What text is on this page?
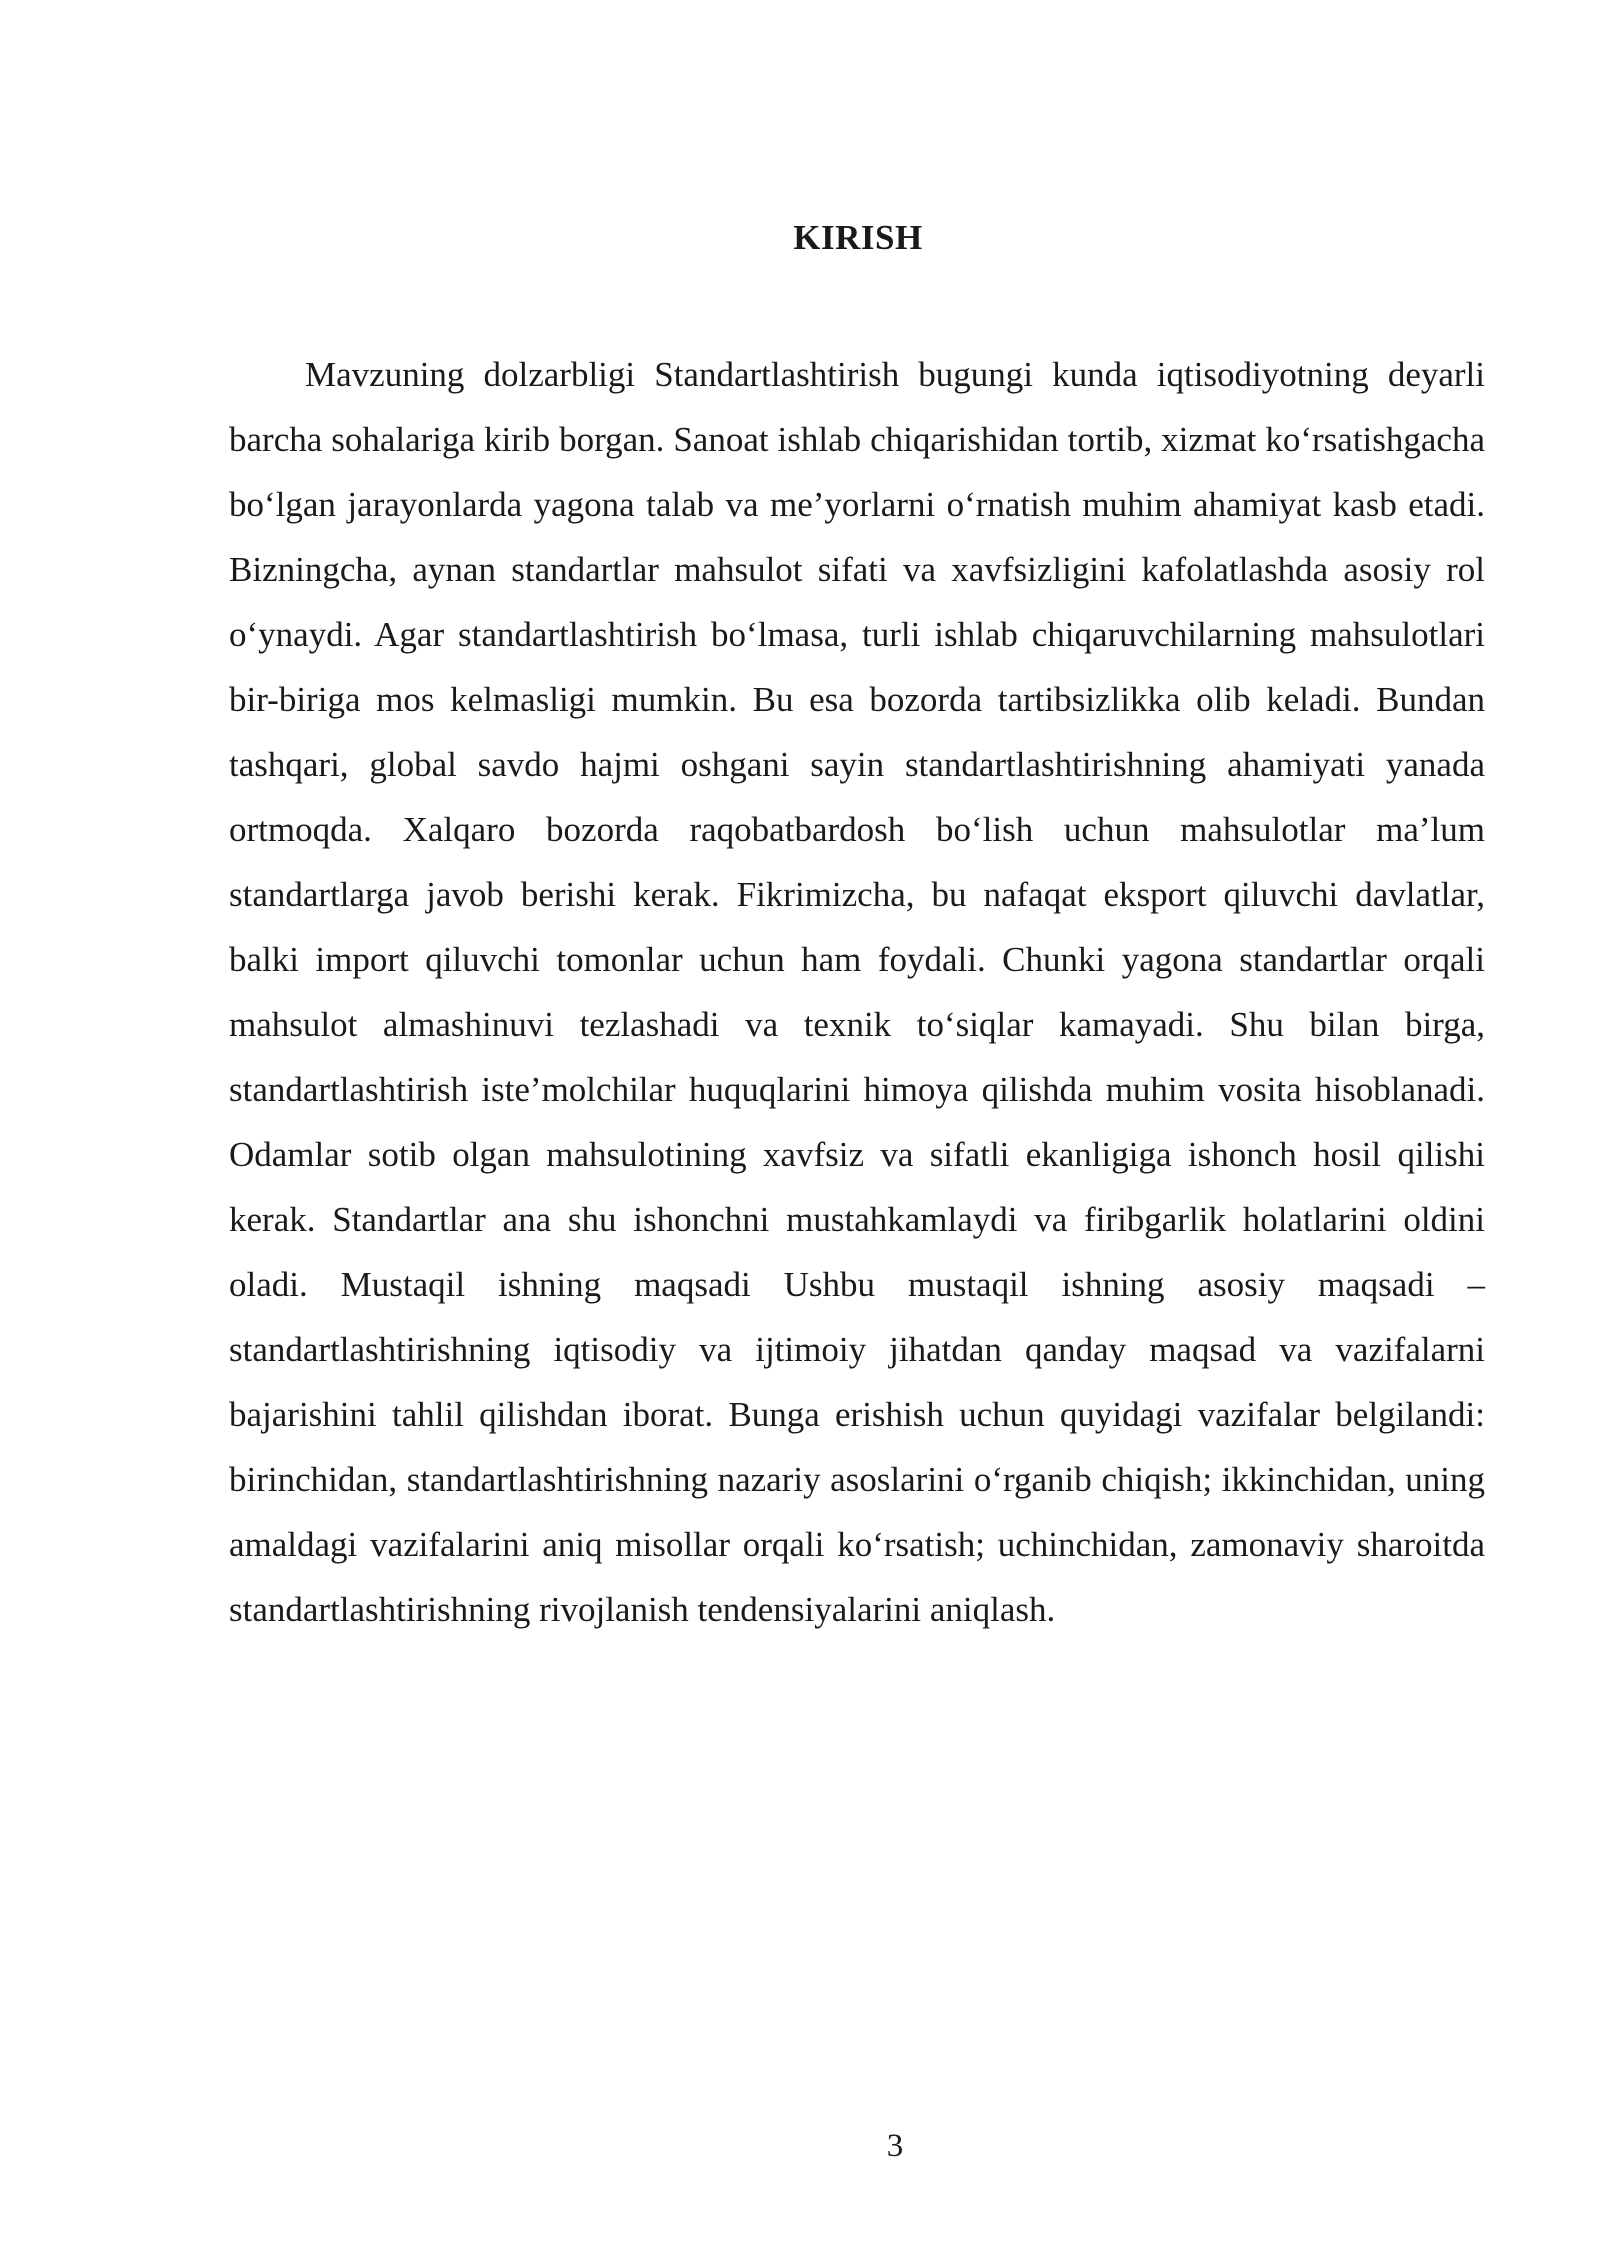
KIRISH

Mavzuning dolzarbligi Standartlashtirish bugungi kunda iqtisodiyotning deyarli barcha sohalariga kirib borgan. Sanoat ishlab chiqarishidan tortib, xizmat ko‘rsatishgacha bo‘lgan jarayonlarda yagona talab va me’yorlarni o‘rnatish muhim ahamiyat kasb etadi. Bizningcha, aynan standartlar mahsulot sifati va xavfsizligini kafolatlashda asosiy rol o‘ynaydi. Agar standartlashtirish bo‘lmasa, turli ishlab chiqaruvchilarning mahsulotlari bir-biriga mos kelmasligi mumkin. Bu esa bozorda tartibsizlikka olib keladi. Bundan tashqari, global savdo hajmi oshgani sayin standartlashtirishning ahamiyati yanada ortmoqda. Xalqaro bozorda raqobatbardosh bo‘lish uchun mahsulotlar ma’lum standartlarga javob berishi kerak. Fikrimizcha, bu nafaqat eksport qiluvchi davlatlar, balki import qiluvchi tomonlar uchun ham foydali. Chunki yagona standartlar orqali mahsulot almashinuvi tezlashadi va texnik to‘siqlar kamayadi. Shu bilan birga, standartlashtirish iste’molchilar huquqlarini himoya qilishda muhim vosita hisoblanadi. Odamlar sotib olgan mahsulotining xavfsiz va sifatli ekanligiga ishonch hosil qilishi kerak. Standartlar ana shu ishonchni mustahkamlaydi va firibgarlik holatlarini oldini oladi. Mustaqil ishning maqsadi Ushbu mustaqil ishning asosiy maqsadi – standartlashtirishning iqtisodiy va ijtimoiy jihatdan qanday maqsad va vazifalarni bajarishini tahlil qilishdan iborat. Bunga erishish uchun quyidagi vazifalar belgilandi: birinchidan, standartlashtirishning nazariy asoslarini o‘rganib chiqish; ikkinchidan, uning amaldagi vazifalarini aniq misollar orqali ko‘rsatish; uchinchidan, zamonaviy sharoitda standartlashtirishning rivojlanish tendensiyalarini aniqlash.

3
